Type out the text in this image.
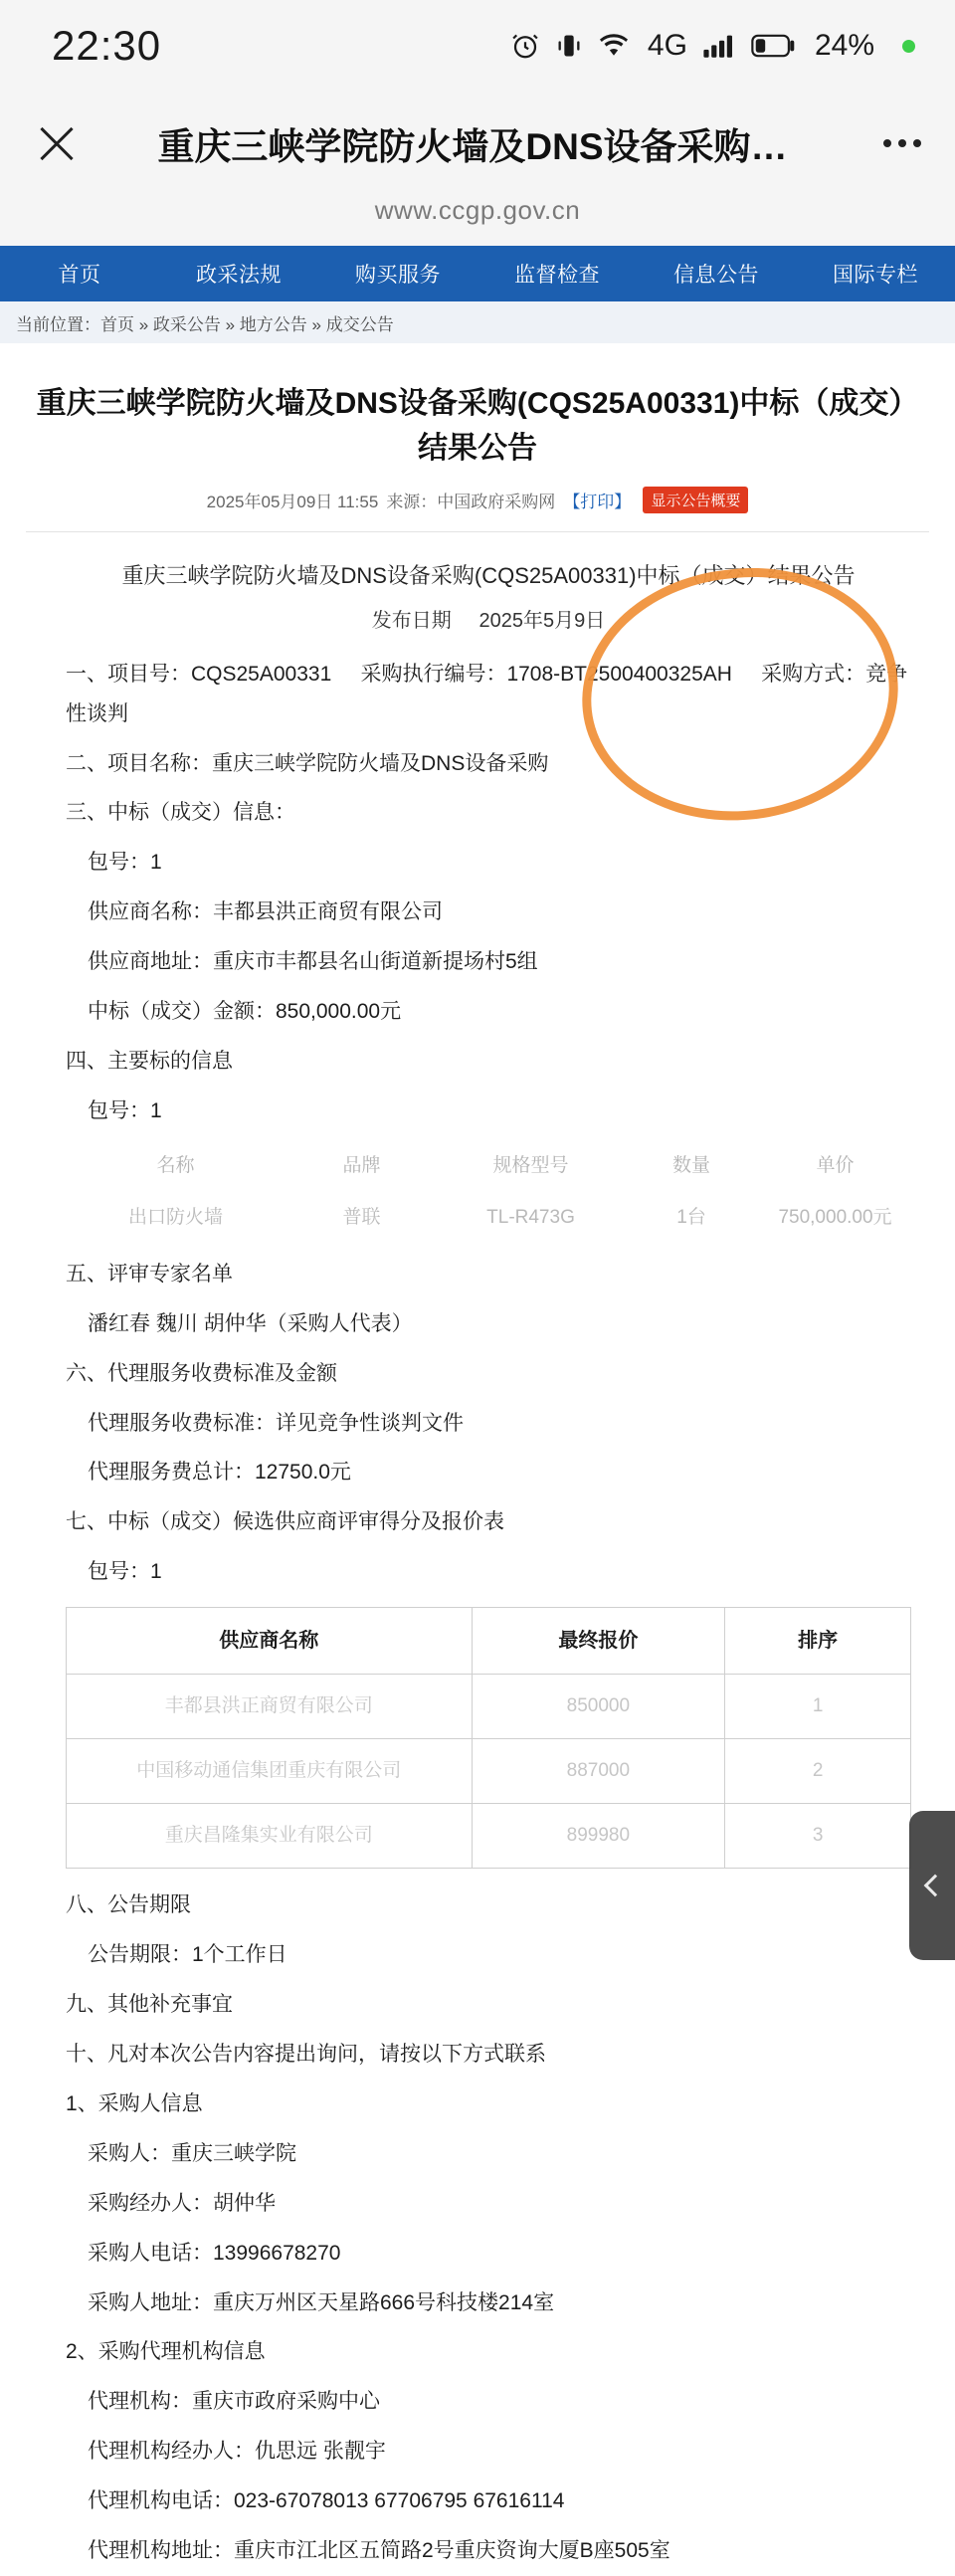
22:30	4G	24%
重庆三峡学院防火墙及DNS设备采购…
www.ccgp.gov.cn
首页	政采法规	购买服务	监督检查	信息公告	国际专栏
当前位置：首页 » 政采公告 » 地方公告 » 成交公告
重庆三峡学院防火墙及DNS设备采购(CQS25A00331)中标（成交）结果公告
2025年05月09日 11:55 来源：中国政府采购网 【打印】	显示公告概要
重庆三峡学院防火墙及DNS设备采购(CQS25A00331)中标（成交）结果公告
发布日期 2025年5月9日
一、项目号：CQS25A00331     采购执行编号：1708-BT2500400325AH     采购方式：竞争性谈判
二、项目名称：重庆三峡学院防火墙及DNS设备采购
三、中标（成交）信息：
包号：1
供应商名称：丰都县洪正商贸有限公司
供应商地址：重庆市丰都县名山街道新提场村5组
中标（成交）金额：850,000.00元
四、主要标的信息
包号：1
名称	品牌	规格型号	数量	单价
出口防火墙	普联	TL-R473G	1台	750,000.00元
五、评审专家名单
潘红春 魏川 胡仲华（采购人代表）
六、代理服务收费标准及金额
代理服务收费标准：详见竞争性谈判文件
代理服务费总计：12750.0元
七、中标（成交）候选供应商评审得分及报价表
包号：1
供应商名称	最终报价	排序
丰都县洪正商贸有限公司	850000	1
中国移动通信集团重庆有限公司	887000	2
重庆昌隆集实业有限公司	899980	3
八、公告期限
公告期限：1个工作日
九、其他补充事宜
十、凡对本次公告内容提出询问，请按以下方式联系
1、采购人信息
采购人：重庆三峡学院
采购经办人：胡仲华
采购人电话：13996678270
采购人地址：重庆万州区天星路666号科技楼214室
2、采购代理机构信息
代理机构：重庆市政府采购中心
代理机构经办人：仇思远 张靓宇
代理机构电话：023-67078013 67706795 67616114
代理机构地址：重庆市江北区五简路2号重庆资询大厦B座505室
